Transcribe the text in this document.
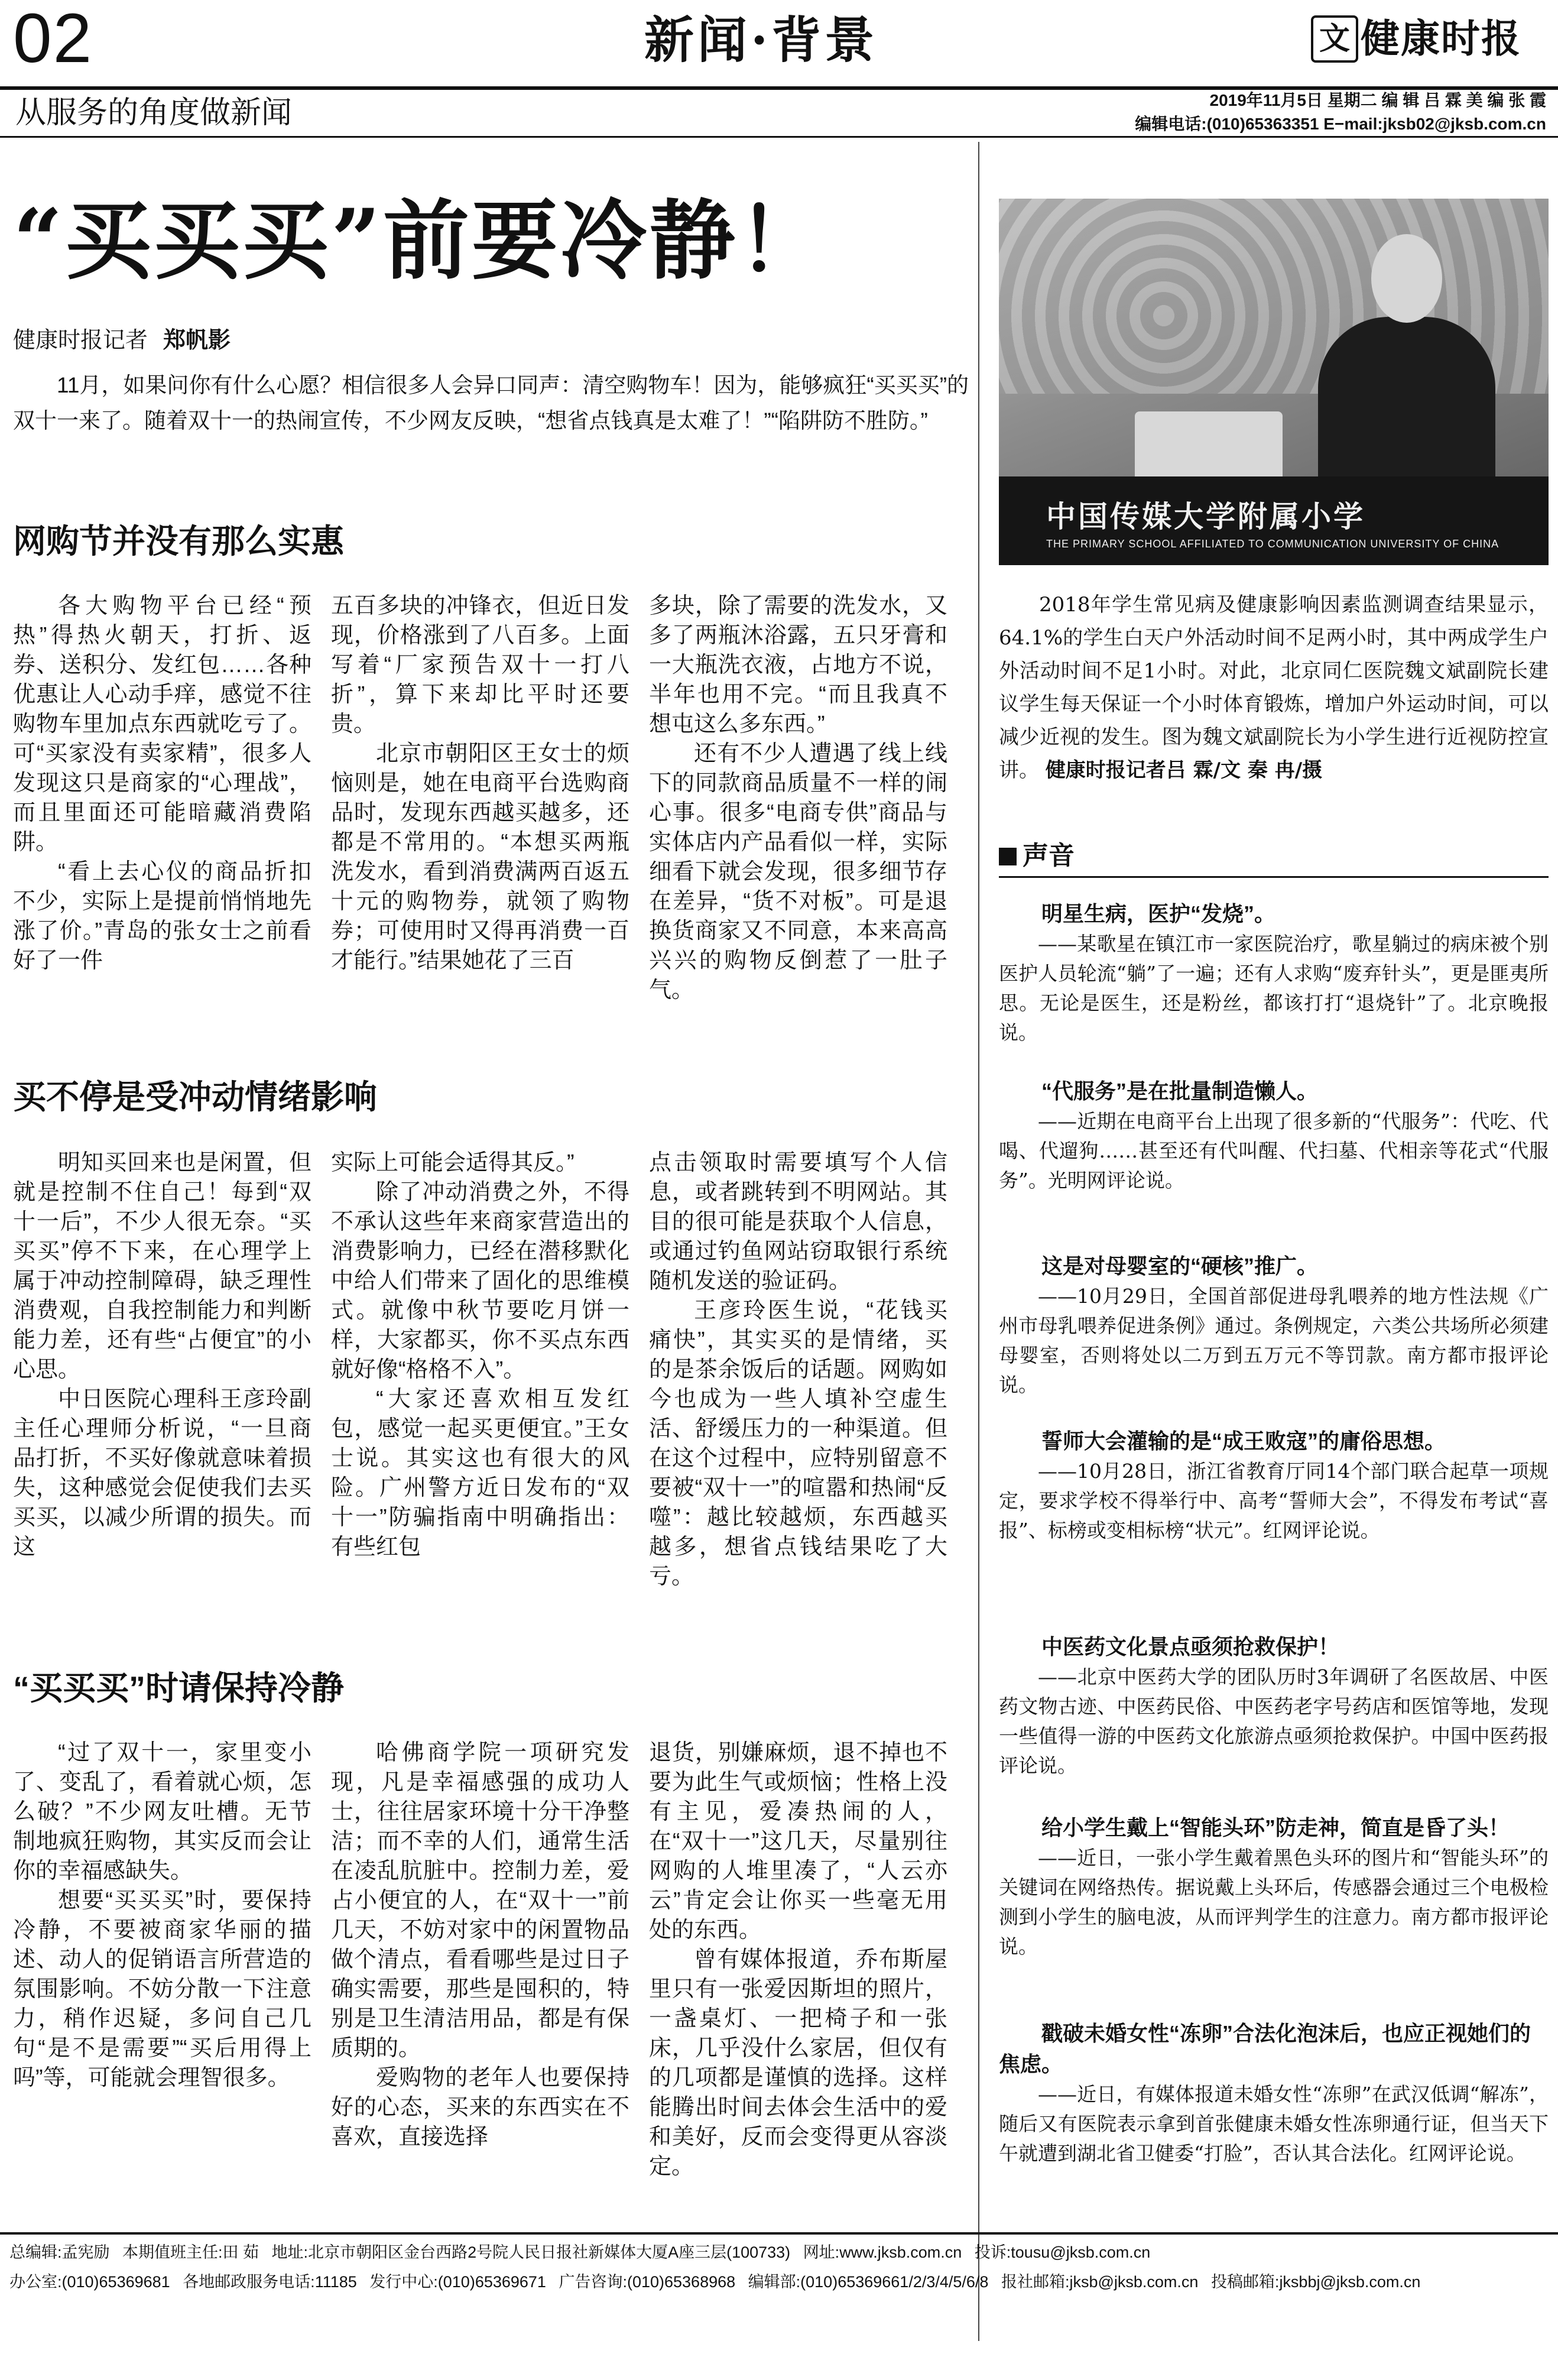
02	新闻·背景	文 健康时报
从服务的角度做新闻	2019年11月5日 星期二 编 辑 吕 霖 美 编 张 霞
编辑电话:(010)65363351 E−mail:jksb02@jksb.com.cn
“买买买”前要冷静！
健康时报记者 郑帆影

11月，如果问你有什么心愿？相信很多人会异口同声：清空购物车！因为，能够疯狂“买买买”的双十一来了。随着双十一的热闹宣传，不少网友反映，“想省点钱真是太难了！”“陷阱防不胜防。”

网购节并没有那么实惠

各大购物平台已经“预热”得热火朝天，打折、返券、送积分、发红包……各种优惠让人心动手痒，感觉不往购物车里加点东西就吃亏了。可“买家没有卖家精”，很多人发现这只是商家的“心理战”，而且里面还可能暗藏消费陷阱。

“看上去心仪的商品折扣不少，实际上是提前悄悄地先涨了价。”青岛的张女士之前看好了一件

五百多块的冲锋衣，但近日发现，价格涨到了八百多。上面写着“厂家预告双十一打八折”，算下来却比平时还要贵。

北京市朝阳区王女士的烦恼则是，她在电商平台选购商品时，发现东西越买越多，还都是不常用的。“本想买两瓶洗发水，看到消费满两百返五十元的购物券，就领了购物券；可使用时又得再消费一百才能行。”结果她花了三百

多块，除了需要的洗发水，又多了两瓶沐浴露，五只牙膏和一大瓶洗衣液，占地方不说，半年也用不完。“而且我真不想屯这么多东西。”

还有不少人遭遇了线上线下的同款商品质量不一样的闹心事。很多“电商专供”商品与实体店内产品看似一样，实际细看下就会发现，很多细节存在差异，“货不对板”。可是退换货商家又不同意，本来高高兴兴的购物反倒惹了一肚子气。

买不停是受冲动情绪影响

明知买回来也是闲置，但就是控制不住自己！每到“双十一后”，不少人很无奈。“买买买”停不下来，在心理学上属于冲动控制障碍，缺乏理性消费观，自我控制能力和判断能力差，还有些“占便宜”的小心思。

中日医院心理科王彦玲副主任心理师分析说，“一旦商品打折，不买好像就意味着损失，这种感觉会促使我们去买买买，以减少所谓的损失。而这

实际上可能会适得其反。”

除了冲动消费之外，不得不承认这些年来商家营造出的消费影响力，已经在潜移默化中给人们带来了固化的思维模式。就像中秋节要吃月饼一样，大家都买，你不买点东西就好像“格格不入”。

“大家还喜欢相互发红包，感觉一起买更便宜。”王女士说。其实这也有很大的风险。广州警方近日发布的“双十一”防骗指南中明确指出：有些红包

点击领取时需要填写个人信息，或者跳转到不明网站。其目的很可能是获取个人信息，或通过钓鱼网站窃取银行系统随机发送的验证码。

王彦玲医生说，“花钱买痛快”，其实买的是情绪，买的是茶余饭后的话题。网购如今也成为一些人填补空虚生活、舒缓压力的一种渠道。但在这个过程中，应特别留意不要被“双十一”的喧嚣和热闹“反噬”：越比较越烦，东西越买越多，想省点钱结果吃了大亏。

“买买买”时请保持冷静

“过了双十一，家里变小了、变乱了，看着就心烦，怎么破？”不少网友吐槽。无节制地疯狂购物，其实反而会让你的幸福感缺失。

想要“买买买”时，要保持冷静，不要被商家华丽的描述、动人的促销语言所营造的氛围影响。不妨分散一下注意力，稍作迟疑，多问自己几句“是不是需要”“买后用得上吗”等，可能就会理智很多。

哈佛商学院一项研究发现，凡是幸福感强的成功人士，往往居家环境十分干净整洁；而不幸的人们，通常生活在凌乱肮脏中。控制力差，爱占小便宜的人，在“双十一”前几天，不妨对家中的闲置物品做个清点，看看哪些是过日子确实需要，那些是囤积的，特别是卫生清洁用品，都是有保质期的。

爱购物的老年人也要保持好的心态，买来的东西实在不喜欢，直接选择

退货，别嫌麻烦，退不掉也不要为此生气或烦恼；性格上没有主见，爱凑热闹的人，在“双十一”这几天，尽量别往网购的人堆里凑了，“人云亦云”肯定会让你买一些毫无用处的东西。

曾有媒体报道，乔布斯屋里只有一张爱因斯坦的照片，一盏桌灯、一把椅子和一张床，几乎没什么家居，但仅有的几项都是谨慎的选择。这样能腾出时间去体会生活中的爱和美好，反而会变得更从容淡定。

中国传媒大学附属小学
THE PRIMARY SCHOOL AFFILIATED TO COMMUNICATION UNIVERSITY OF CHINA

2018年学生常见病及健康影响因素监测调查结果显示，64.1%的学生白天户外活动时间不足两小时，其中两成学生户外活动时间不足1小时。对此，北京同仁医院魏文斌副院长建议学生每天保证一个小时体育锻炼，增加户外运动时间，可以减少近视的发生。图为魏文斌副院长为小学生进行近视防控宣讲。 健康时报记者吕 霖/文 秦 冉/摄

声音
明星生病，医护“发烧”。

——某歌星在镇江市一家医院治疗，歌星躺过的病床被个别医护人员轮流“躺”了一遍；还有人求购“废弃针头”，更是匪夷所思。无论是医生，还是粉丝，都该打打“退烧针”了。北京晚报说。

“代服务”是在批量制造懒人。

——近期在电商平台上出现了很多新的“代服务”：代吃、代喝、代遛狗……甚至还有代叫醒、代扫墓、代相亲等花式“代服务”。光明网评论说。

这是对母婴室的“硬核”推广。

——10月29日，全国首部促进母乳喂养的地方性法规《广州市母乳喂养促进条例》通过。条例规定，六类公共场所必须建母婴室，否则将处以二万到五万元不等罚款。南方都市报评论说。

誓师大会灌输的是“成王败寇”的庸俗思想。

——10月28日，浙江省教育厅同14个部门联合起草一项规定，要求学校不得举行中、高考“誓师大会”，不得发布考试“喜报”、标榜或变相标榜“状元”。红网评论说。

中医药文化景点亟须抢救保护！

——北京中医药大学的团队历时3年调研了名医故居、中医药文物古迹、中医药民俗、中医药老字号药店和医馆等地，发现一些值得一游的中医药文化旅游点亟须抢救保护。中国中医药报评论说。

给小学生戴上“智能头环”防走神，简直是昏了头！

——近日，一张小学生戴着黑色头环的图片和“智能头环”的关键词在网络热传。据说戴上头环后，传感器会通过三个电极检测到小学生的脑电波，从而评判学生的注意力。南方都市报评论说。

戳破未婚女性“冻卵”合法化泡沫后，也应正视她们的焦虑。

——近日，有媒体报道未婚女性“冻卵”在武汉低调“解冻”，随后又有医院表示拿到首张健康未婚女性冻卵通行证，但当天下午就遭到湖北省卫健委“打脸”，否认其合法化。红网评论说。

总编辑:孟宪励 本期值班主任:田 茹 地址:北京市朝阳区金台西路2号院人民日报社新媒体大厦A座三层(100733) 网址:www.jksb.com.cn 投诉:tousu@jksb.com.cn
办公室:(010)65369681 各地邮政服务电话:11185 发行中心:(010)65369671 广告咨询:(010)65368968 编辑部:(010)65369661/2/3/4/5/6/8 报社邮箱:jksb@jksb.com.cn 投稿邮箱:jksbbj@jksb.com.cn
